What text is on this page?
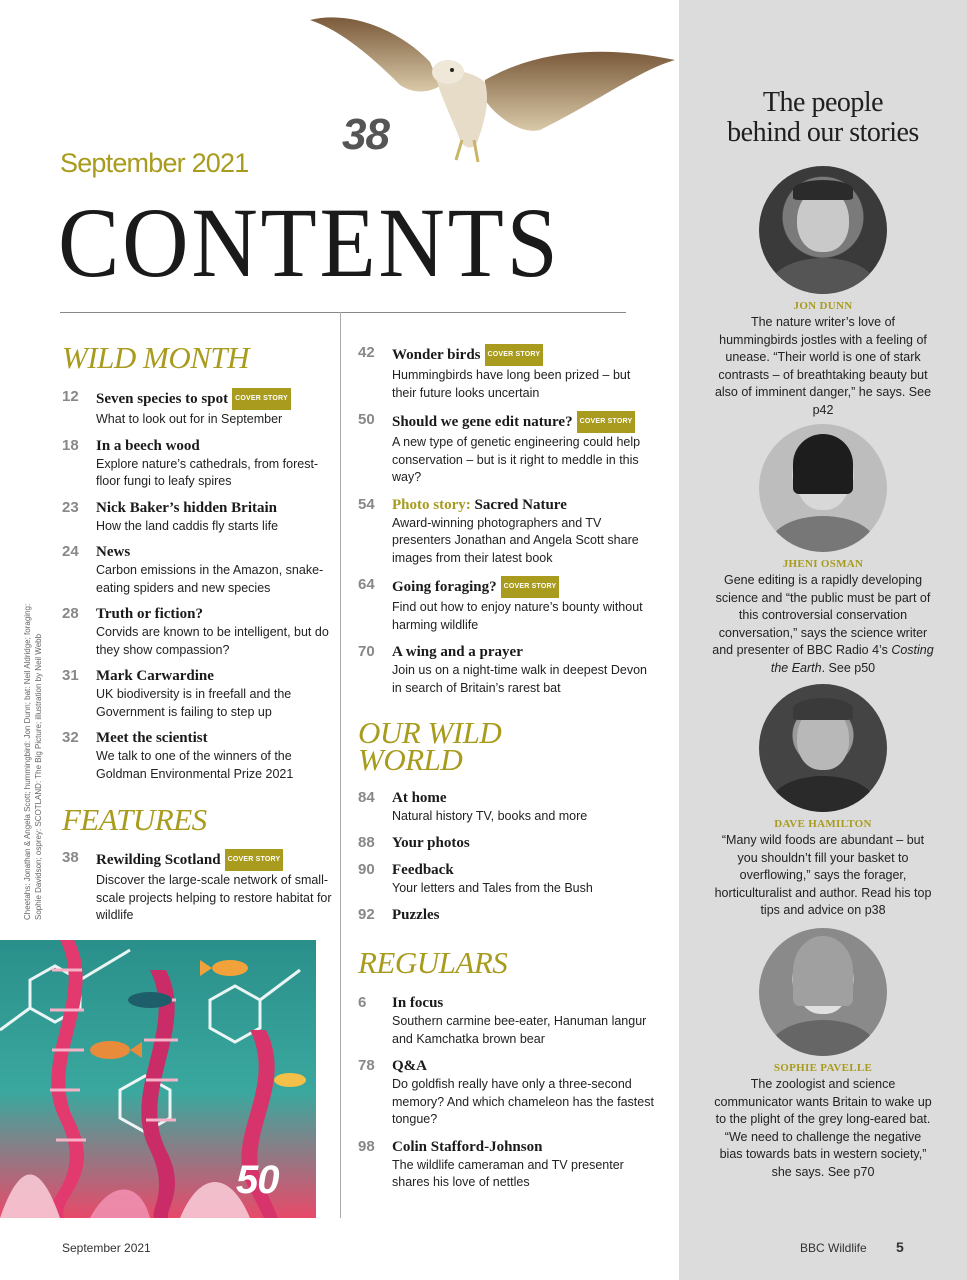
The people
behind our stories
JON DUNN
The nature writer’s love of hummingbirds jostles with a feeling of unease. “Their world is one of stark contrasts – of breathtaking beauty but also of imminent danger,” he says. See p42
JHENI OSMAN
Gene editing is a rapidly developing science and “the public must be part of this controversial conservation conversation,” says the science writer and presenter of BBC Radio 4’s Costing the Earth. See p50
DAVE HAMILTON
“Many wild foods are abundant – but you shouldn’t fill your basket to overflowing,” says the forager, horticulturalist and author. Read his top tips and advice on p38
SOPHIE PAVELLE
The zoologist and science communicator wants Britain to wake up to the plight of the grey long-eared bat. “We need to challenge the negative bias towards bats in western society,” she says. See p70
38
September 2021
CONTENTS
WILD MONTH
12 Seven species to spot COVER STORY
What to look out for in September
18 In a beech wood
Explore nature’s cathedrals, from forest-floor fungi to leafy spires
23 Nick Baker’s hidden Britain
How the land caddis fly starts life
24 News
Carbon emissions in the Amazon, snake-eating spiders and new species
28 Truth or fiction?
Corvids are known to be intelligent, but do they show compassion?
31 Mark Carwardine
UK biodiversity is in freefall and the Government is failing to step up
32 Meet the scientist
We talk to one of the winners of the Goldman Environmental Prize 2021
FEATURES
38 Rewilding Scotland COVER STORY
Discover the large-scale network of small-scale projects helping to restore habitat for wildlife
42 Wonder birds COVER STORY
Hummingbirds have long been prized – but their future looks uncertain
50 Should we gene edit nature? COVER STORY
A new type of genetic engineering could help conservation – but is it right to meddle in this way?
54 Photo story: Sacred Nature
Award-winning photographers and TV presenters Jonathan and Angela Scott share images from their latest book
64 Going foraging? COVER STORY
Find out how to enjoy nature’s bounty without harming wildlife
70 A wing and a prayer
Join us on a night-time walk in deepest Devon in search of Britain’s rarest bat
OUR WILD
WORLD
84 At home
Natural history TV, books and more
88 Your photos
90 Feedback
Your letters and Tales from the Bush
92 Puzzles
REGULARS
6 In focus
Southern carmine bee-eater, Hanuman langur and Kamchatka brown bear
78 Q&A
Do goldfish really have only a three-second memory? And which chameleon has the fastest tongue?
98 Colin Stafford-Johnson
The wildlife cameraman and TV presenter shares his love of nettles
Cheetahs: Jonathan & Angela Scott; hummingbird: Jon Dunn; bat: Neil Aldridge; foraging: Sophie Davidson; osprey: SCOTLAND: The Big Picture; illustration by Neil Webb
50
September 2021	BBC Wildlife 5
